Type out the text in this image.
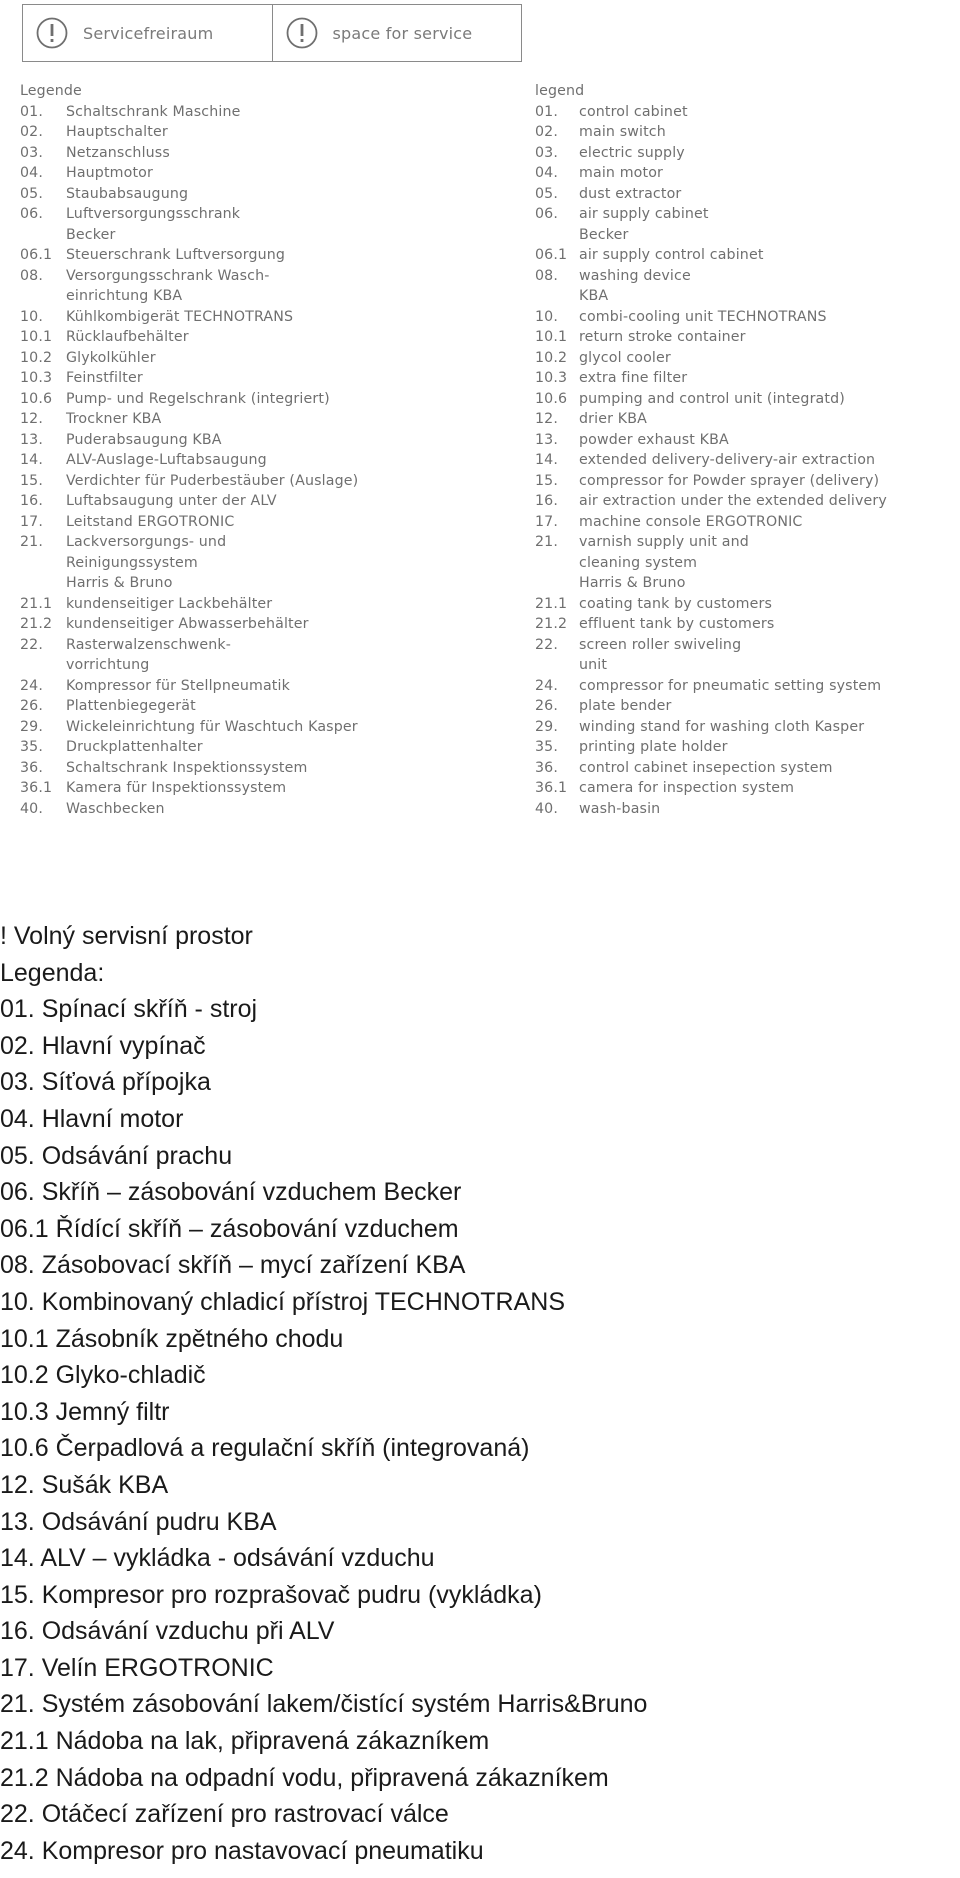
Servicefreiraum	space for service
Legende
01.	Schaltschrank Maschine
02.	Hauptschalter
03.	Netzanschluss
04.	Hauptmotor
05.	Staubabsaugung
06.	Luftversorgungsschrank
Becker
06.1 Steuerschrank Luftversorgung
08.	Versorgungsschrank Wasch-
einrichtung KBA
10.	Kühlkombigerät TECHNOTRANS
10.1 Rücklaufbehälter
10.2 Glykolkühler
10.3 Feinstfilter
10.6 Pump- und Regelschrank (integriert)
12.	Trockner KBA
13.	Puderabsaugung KBA
14.	ALV-Auslage-Luftabsaugung
15.	Verdichter für Puderbestäuber (Auslage)
16.	Luftabsaugung unter der ALV
17.	Leitstand ERGOTRONIC
21.	Lackversorgungs- und
Reinigungssystem
Harris & Bruno
21.1 kundenseitiger Lackbehälter
21.2 kundenseitiger Abwasserbehälter
22.	Rasterwalzenschwenk-
vorrichtung
24.	Kompressor für Stellpneumatik
26.	Plattenbiegegerät
29.	Wickeleinrichtung für Waschtuch Kasper
35.	Druckplattenhalter
36.	Schaltschrank Inspektionssystem
36.1 Kamera für Inspektionssystem
40.	Waschbecken
legend
01.	control cabinet
02.	main switch
03.	electric supply
04.	main motor
05.	dust extractor
06.	air supply cabinet
Becker
06.1 air supply control cabinet
08.	washing device
KBA
10.	combi-cooling unit TECHNOTRANS
10.1 return stroke container
10.2 glycol cooler
10.3 extra fine filter
10.6 pumping and control unit (integratd)
12.	drier KBA
13.	powder exhaust KBA
14.	extended delivery-delivery-air extraction
15.	compressor for Powder sprayer (delivery)
16.	air extraction under the extended delivery
17.	machine console ERGOTRONIC
21.	varnish supply unit and
cleaning system
Harris & Bruno
21.1 coating tank by customers
21.2 effluent tank by customers
22.	screen roller swiveling
unit
24.	compressor for pneumatic setting system
26.	plate bender
29.	winding stand for washing cloth Kasper
35.	printing plate holder
36.	control cabinet insepection system
36.1 camera for inspection system
40.	wash-basin
! Volný servisní prostor
Legenda:
01. Spínací skříň - stroj
02. Hlavní vypínač
03. Síťová přípojka
04. Hlavní motor
05. Odsávání prachu
06. Skříň – zásobování vzduchem Becker
06.1 Řídící skříň – zásobování vzduchem
08. Zásobovací skříň – mycí zařízení KBA
10. Kombinovaný chladicí přístroj TECHNOTRANS
10.1 Zásobník zpětného chodu
10.2 Glyko-chladič
10.3 Jemný filtr
10.6 Čerpadlová a regulační skříň (integrovaná)
12. Sušák KBA
13. Odsávání pudru KBA
14. ALV – vykládka - odsávání vzduchu
15. Kompresor pro rozprašovač pudru (vykládka)
16. Odsávání vzduchu při ALV
17. Velín ERGOTRONIC
21. Systém zásobování lakem/čistící systém Harris&Bruno
21.1 Nádoba na lak, připravená zákazníkem
21.2 Nádoba na odpadní vodu, připravená zákazníkem
22. Otáčecí zařízení pro rastrovací válce
24. Kompresor pro nastavovací pneumatiku
